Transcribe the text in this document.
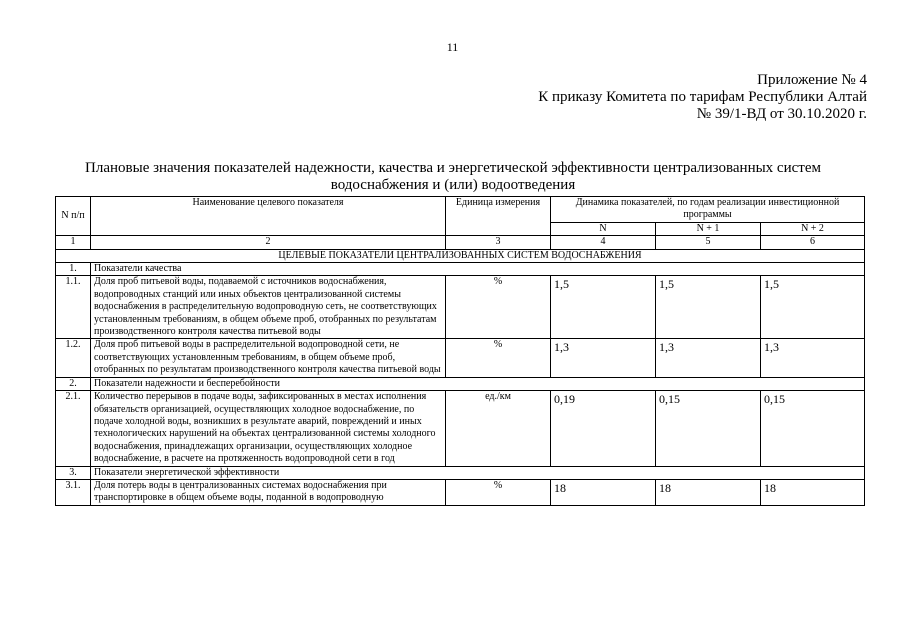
11
Приложение № 4
К приказу Комитета по тарифам Республики Алтай
№ 39/1-ВД от 30.10.2020 г.
Плановые значения показателей надежности, качества и энергетической эффективности централизованных систем
водоснабжения и (или) водоотведения
N п/п	Наименование целевого показателя	Единица измерения	Динамика показателей, по годам реализации инвестиционной программы		
			N	N + 1	N + 2
1	2	3	4	5	6
ЦЕЛЕВЫЕ ПОКАЗАТЕЛИ ЦЕНТРАЛИЗОВАННЫХ СИСТЕМ ВОДОСНАБЖЕНИЯ					
1.	Показатели качества				
1.1.	Доля проб питьевой воды, подаваемой с источников водоснабжения, водопроводных станций или иных объектов централизованной системы водоснабжения в распределительную водопроводную сеть, не соответствующих установленным требованиям, в общем объеме проб, отобранных по результатам производственного контроля качества питьевой воды	%	1,5	1,5	1,5
1.2.	Доля проб питьевой воды в распределительной водопроводной сети, не соответствующих установленным требованиям, в общем объеме проб, отобранных по результатам производственного контроля качества питьевой воды	%	1,3	1,3	1,3
2.	Показатели надежности и бесперебойности				
2.1.	Количество перерывов в подаче воды, зафиксированных в местах исполнения обязательств организацией, осуществляющих холодное водоснабжение, по подаче холодной воды, возникших в результате аварий, повреждений и иных технологических нарушений на объектах централизованной системы холодного водоснабжения, принадлежащих организации, осуществляющих холодное водоснабжение, в расчете на протяженность водопроводной сети в год	ед./км	0,19	0,15	0,15
3.	Показатели энергетической эффективности				
3.1.	Доля потерь воды в централизованных системах водоснабжения при транспортировке в общем объеме воды, поданной в водопроводную	%	18	18	18
